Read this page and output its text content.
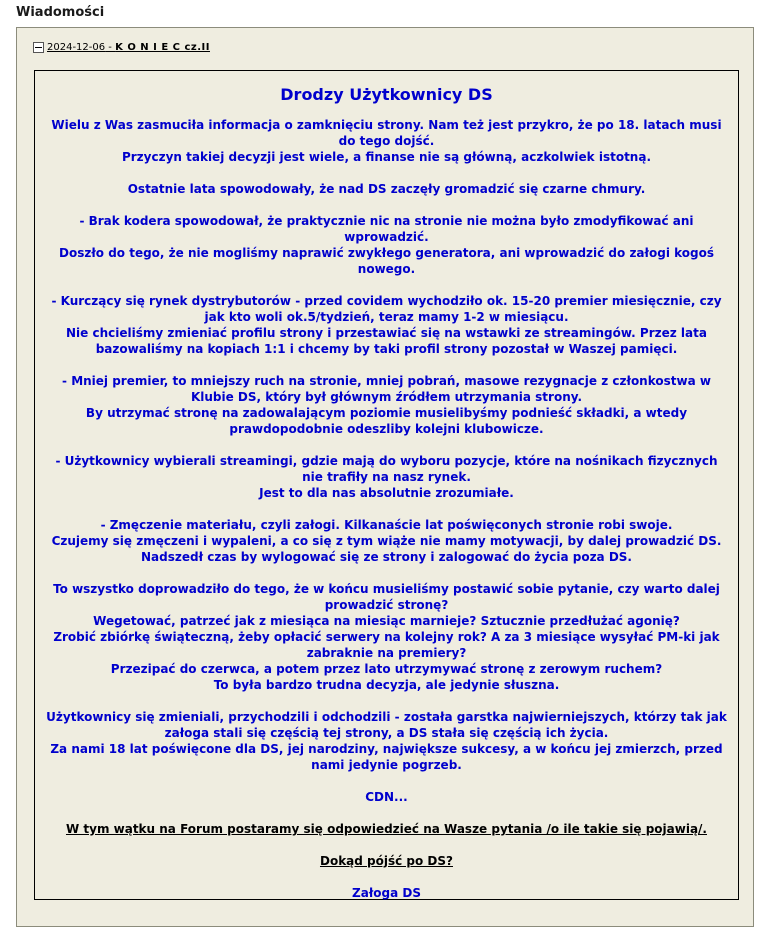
Wiadomości
2024-12-06 - K O N I E C cz.II
Drodzy Użytkownicy DS

Wielu z Was zasmuciła informacja o zamknięciu strony. Nam też jest przykro, że po 18. latach musi do tego dojść.
Przyczyn takiej decyzji jest wiele, a finanse nie są główną, aczkolwiek istotną.

Ostatnie lata spowodowały, że nad DS zaczęły gromadzić się czarne chmury.

- Brak kodera spowodował, że praktycznie nic na stronie nie można było zmodyfikować ani wprowadzić.
Doszło do tego, że nie mogliśmy naprawić zwykłego generatora, ani wprowadzić do załogi kogoś nowego.

- Kurczący się rynek dystrybutorów - przed covidem wychodziło ok. 15-20 premier miesięcznie, czy jak kto woli ok.5/tydzień, teraz mamy 1-2 w miesiącu.
Nie chcieliśmy zmieniać profilu strony i przestawiać się na wstawki ze streamingów. Przez lata bazowaliśmy na kopiach 1:1 i chcemy by taki profil strony pozostał w Waszej pamięci.

- Mniej premier, to mniejszy ruch na stronie, mniej pobrań, masowe rezygnacje z członkostwa w Klubie DS, który był głównym źródłem utrzymania strony.
By utrzymać stronę na zadowalającym poziomie musielibyśmy podnieść składki, a wtedy prawdopodobnie odeszliby kolejni klubowicze.

- Użytkownicy wybierali streamingi, gdzie mają do wyboru pozycje, które na nośnikach fizycznych nie trafiły na nasz rynek.
Jest to dla nas absolutnie zrozumiałe.

- Zmęczenie materiału, czyli załogi. Kilkanaście lat poświęconych stronie robi swoje.
Czujemy się zmęczeni i wypaleni, a co się z tym wiąże nie mamy motywacji, by dalej prowadzić DS.
Nadszedł czas by wylogować się ze strony i zalogować do życia poza DS.

To wszystko doprowadziło do tego, że w końcu musieliśmy postawić sobie pytanie, czy warto dalej prowadzić stronę?
Wegetować, patrzeć jak z miesiąca na miesiąc marnieje? Sztucznie przedłużać agonię?
Zrobić zbiórkę świąteczną, żeby opłacić serwery na kolejny rok? A za 3 miesiące wysyłać PM-ki jak zabraknie na premiery?
Przezipać do czerwca, a potem przez lato utrzymywać stronę z zerowym ruchem?
To była bardzo trudna decyzja, ale jedynie słuszna.

Użytkownicy się zmieniali, przychodzili i odchodzili - została garstka najwierniejszych, którzy tak jak załoga stali się częścią tej strony, a DS stała się częścią ich życia.
Za nami 18 lat poświęcone dla DS, jej narodziny, największe sukcesy, a w końcu jej zmierzch, przed nami jedynie pogrzeb.

CDN...

W tym wątku na Forum postaramy się odpowiedzieć na Wasze pytania /o ile takie się pojawią/.

Dokąd pójść po DS?

Załoga DS
